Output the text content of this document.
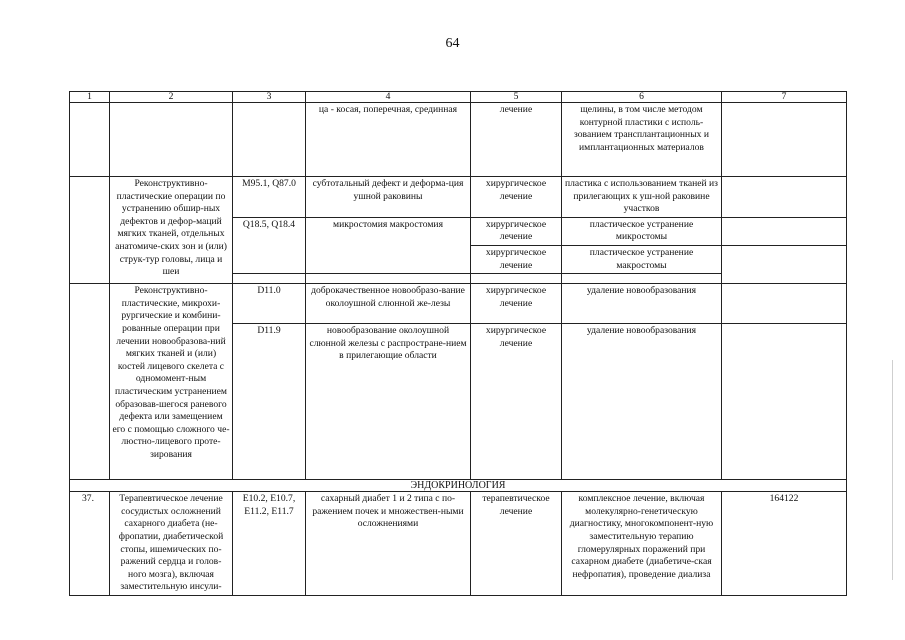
64
1	2	3	4	5	6	7
			ца - косая, поперечная, срединная	лечение	щелины, в том числе методом контурной пластики с исполь-зованием трансплантационных и имплантационных материалов	
	Реконструктивно-пластические операции по устранению обшир-ных дефектов и дефор-маций мягких тканей, отдельных анатомиче-ских зон и (или) струк-тур головы, лица и шеи	M95.1, Q87.0	субтотальный дефект и деформа-ция ушной раковины	хирургическое лечение	пластика с использованием тканей из прилегающих к уш-ной раковине участков	
		Q18.5, Q18.4	микростомия макростомия	хирургическое лечение	пластическое устранение микростомы	
				хирургическое лечение	пластическое устранение макростомы	

	Реконструктивно-пластические, микрохи-рургические и комбини-рованные операции при лечении новообразова-ний мягких тканей и (или) костей лицевого скелета с одномомент-ным пластическим устранением образовав-шегося раневого дефекта или замещением его с помощью сложного че-люстно-лицевого проте-зирования	D11.0	доброкачественное новообразо-вание околоушной слюнной же-лезы	хирургическое лечение	удаление новообразования	
		D11.9	новообразование околоушной слюнной железы с распростране-нием в прилегающие области	хирургическое лечение	удаление новообразования	
ЭНДОКРИНОЛОГИЯ						
37.	Терапевтическое лечение сосудистых осложнений сахарного диабета (не-фропатии, диабетической стопы, ишемических по-ражений сердца и голов-ного мозга), включая заместительную инсули-	E10.2, E10.7, E11.2, E11.7	сахарный диабет 1 и 2 типа с по-ражением почек и множествен-ными осложнениями	терапевтическое лечение	комплексное лечение, включая молекулярно-генетическую диагностику, многокомпонент-ную заместительную терапию гломерулярных поражений при сахарном диабете (диабетиче-ская нефропатия), проведение диализа	164122
